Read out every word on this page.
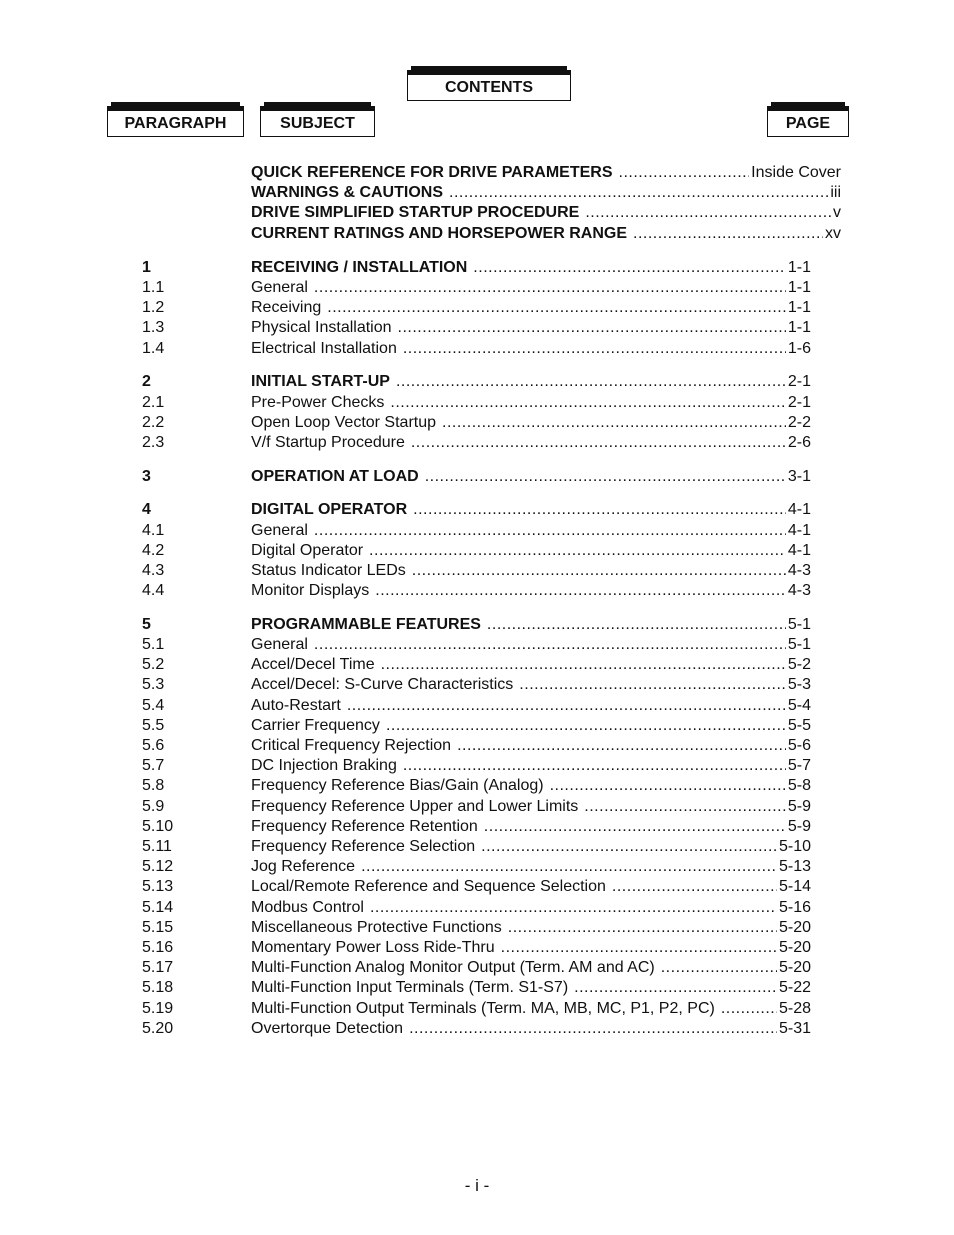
CONTENTS
PARAGRAPH	SUBJECT	PAGE
QUICK REFERENCE FOR DRIVE PARAMETERS .....	Inside Cover
WARNINGS & CAUTIONS .....	iii
DRIVE SIMPLIFIED STARTUP PROCEDURE .....	v
CURRENT RATINGS AND HORSEPOWER RANGE .....	xv
1	RECEIVING / INSTALLATION .....	1-1
1.1	General .....	1-1
1.2	Receiving .....	1-1
1.3	Physical Installation .....	1-1
1.4	Electrical Installation .....	1-6
2	INITIAL START-UP .....	2-1
2.1	Pre-Power Checks .....	2-1
2.2	Open Loop Vector Startup .....	2-2
2.3	V/f Startup Procedure .....	2-6
3	OPERATION AT LOAD .....	3-1
4	DIGITAL OPERATOR .....	4-1
4.1	General .....	4-1
4.2	Digital Operator .....	4-1
4.3	Status Indicator LEDs .....	4-3
4.4	Monitor Displays .....	4-3
5	PROGRAMMABLE FEATURES .....	5-1
5.1	General .....	5-1
5.2	Accel/Decel Time .....	5-2
5.3	Accel/Decel: S-Curve Characteristics .....	5-3
5.4	Auto-Restart .....	5-4
5.5	Carrier Frequency .....	5-5
5.6	Critical Frequency Rejection .....	5-6
5.7	DC Injection Braking .....	5-7
5.8	Frequency Reference Bias/Gain (Analog) .....	5-8
5.9	Frequency Reference Upper and Lower Limits .....	5-9
5.10	Frequency Reference Retention .....	5-9
5.11	Frequency Reference Selection .....	5-10
5.12	Jog Reference .....	5-13
5.13	Local/Remote Reference and Sequence Selection .....	5-14
5.14	Modbus Control .....	5-16
5.15	Miscellaneous Protective Functions .....	5-20
5.16	Momentary Power Loss Ride-Thru .....	5-20
5.17	Multi-Function Analog Monitor Output (Term. AM and AC) .....	5-20
5.18	Multi-Function Input Terminals (Term. S1-S7) .....	5-22
5.19	Multi-Function Output Terminals (Term. MA, MB, MC, P1, P2, PC) .....	5-28
5.20	Overtorque Detection .....	5-31
- i -
